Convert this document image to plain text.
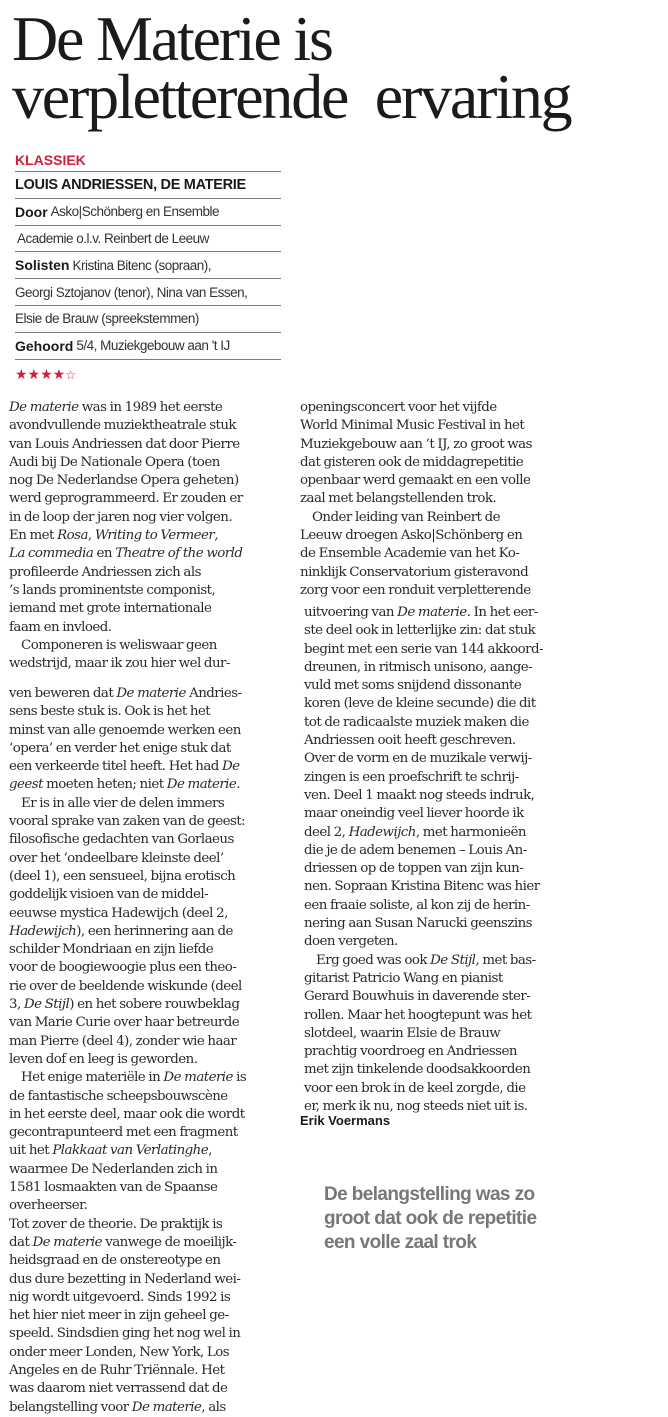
De Materie is
verpletterende  ervaring
KLASSIEK
LOUIS ANDRIESSEN, DE MATERIE
Door Asko|Schönberg en Ensemble
Academie o.l.v. Reinbert de Leeuw
Solisten Kristina Bitenc (sopraan),
Georgi Sztojanov (tenor), Nina van Essen,
Elsie de Brauw (spreekstemmen)
Gehoord 5/4, Muziekgebouw aan 't IJ
★★★★☆

De materie was in 1989 het eerste

avondvullende muziektheatrale stuk

van Louis Andriessen dat door Pierre

Audi bij De Nationale Opera (toen

nog De Nederlandse Opera geheten)

werd geprogrammeerd. Er zouden er

in de loop der jaren nog vier volgen.

En met Rosa, Writing to Vermeer,

La commedia en Theatre of the world

profileerde Andriessen zich als

’s lands prominentste componist,

iemand met grote internationale

faam en invloed.

Componeren is weliswaar geen

wedstrijd, maar ik zou hier wel dur-

ven beweren dat De materie Andries-

sens beste stuk is. Ook is het het

minst van alle genoemde werken een

‘opera’ en verder het enige stuk dat

een verkeerde titel heeft. Het had De

geest moeten heten; niet De materie.

Er is in alle vier de delen immers

vooral sprake van zaken van de geest:

filosofische gedachten van Gorlaeus

over het ‘ondeelbare kleinste deel’

(deel 1), een sensueel, bijna erotisch

goddelijk visioen van de middel-

eeuwse mystica Hadewijch (deel 2,

Hadewijch), een herinnering aan de

schilder Mondriaan en zijn liefde

voor de boogiewoogie plus een theo-

rie over de beeldende wiskunde (deel

3, De Stijl) en het sobere rouwbeklag

van Marie Curie over haar betreurde

man Pierre (deel 4), zonder wie haar

leven dof en leeg is geworden.

Het enige materiële in De materie is

de fantastische scheepsbouwscène

in het eerste deel, maar ook die wordt

gecontrapunteerd met een fragment

uit het Plakkaat van Verlatinghe,

waarmee De Nederlanden zich in

1581 losmaakten van de Spaanse

overheerser.

Tot zover de theorie. De praktijk is

dat De materie vanwege de moeilijk-

heidsgraad en de onstereotype en

dus dure bezetting in Nederland wei-

nig wordt uitgevoerd. Sinds 1992 is

het hier niet meer in zijn geheel ge-

speeld. Sindsdien ging het nog wel in

onder meer Londen, New York, Los

Angeles en de Ruhr Triënnale. Het

was daarom niet verrassend dat de

belangstelling voor De materie, als

openingsconcert voor het vijfde

World Minimal Music Festival in het

Muziekgebouw aan ’t IJ, zo groot was

dat gisteren ook de middagrepetitie

openbaar werd gemaakt en een volle

zaal met belangstellenden trok.

Onder leiding van Reinbert de

Leeuw droegen Asko|Schönberg en

de Ensemble Academie van het Ko-

ninklijk Conservatorium gisteravond

zorg voor een ronduit verpletterende

uitvoering van De materie. In het eer-

ste deel ook in letterlijke zin: dat stuk

begint met een serie van 144 akkoord-

dreunen, in ritmisch unisono, aange-

vuld met soms snijdend dissonante

koren (leve de kleine secunde) die dit

tot de radicaalste muziek maken die

Andriessen ooit heeft geschreven.

Over de vorm en de muzikale verwij-

zingen is een proefschrift te schrij-

ven. Deel 1 maakt nog steeds indruk,

maar oneindig veel liever hoorde ik

deel 2, Hadewijch, met harmonieën

die je de adem benemen – Louis An-

driessen op de toppen van zijn kun-

nen. Sopraan Kristina Bitenc was hier

een fraaie soliste, al kon zij de herin-

nering aan Susan Narucki geenszins

doen vergeten.

Erg goed was ook De Stijl, met bas-

gitarist Patricio Wang en pianist

Gerard Bouwhuis in daverende ster-

rollen. Maar het hoogtepunt was het

slotdeel, waarin Elsie de Brauw

prachtig voordroeg en Andriessen

met zijn tinkelende doodsakkoorden

voor een brok in de keel zorgde, die

er, merk ik nu, nog steeds niet uit is.

Erik Voermans
De belangstelling was zo
groot dat ook de repetitie
een volle zaal trok
